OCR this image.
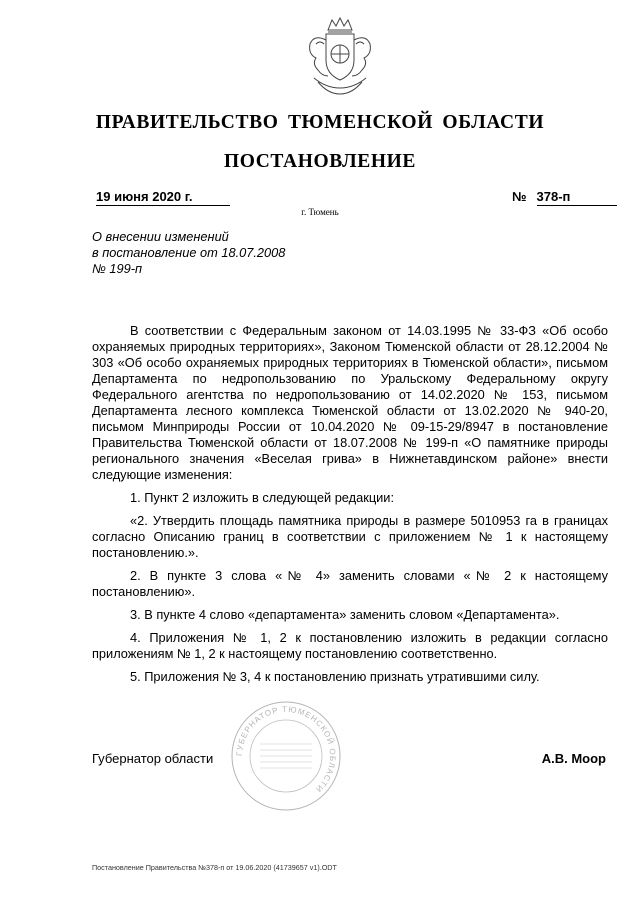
ПРАВИТЕЛЬСТВО ТЮМЕНСКОЙ ОБЛАСТИ
ПОСТАНОВЛЕНИЕ
19 июня 2020 г.	№ 378-п
г. Тюмень
О внесении изменений
в постановление от 18.07.2008
№ 199-п

В соответствии с Федеральным законом от 14.03.1995 № 33-ФЗ «Об особо охраняемых природных территориях», Законом Тюменской области от 28.12.2004 № 303 «Об особо охраняемых природных территориях в Тюменской области», письмом Департамента по недропользованию по Уральскому Федеральному округу Федерального агентства по недропользованию от 14.02.2020 № 153, письмом Департамента лесного комплекса Тюменской области от 13.02.2020 № 940-20, письмом Минприроды России от 10.04.2020 № 09-15-29/8947 в постановление Правительства Тюменской области от 18.07.2008 № 199-п «О памятнике природы регионального значения «Веселая грива» в Нижнетавдинском районе» внести следующие изменения:

1. Пункт 2 изложить в следующей редакции:

«2. Утвердить площадь памятника природы в размере 5010953 га в границах согласно Описанию границ в соответствии с приложением № 1 к настоящему постановлению.».

2. В пункте 3 слова «№ 4» заменить словами «№ 2 к настоящему постановлению».

3. В пункте 4 слово «департамента» заменить словом «Департамента».

4. Приложения № 1, 2 к постановлению изложить в редакции согласно приложениям № 1, 2 к настоящему постановлению соответственно.

5. Приложения № 3, 4 к постановлению признать утратившими силу.

ГУБЕРНАТОР ТЮМЕНСКОЙ ОБЛАСТИ
Губернатор области	А.В. Моор
Постановление Правительства №378-п от 19.06.2020 (41739657 v1).ODT
